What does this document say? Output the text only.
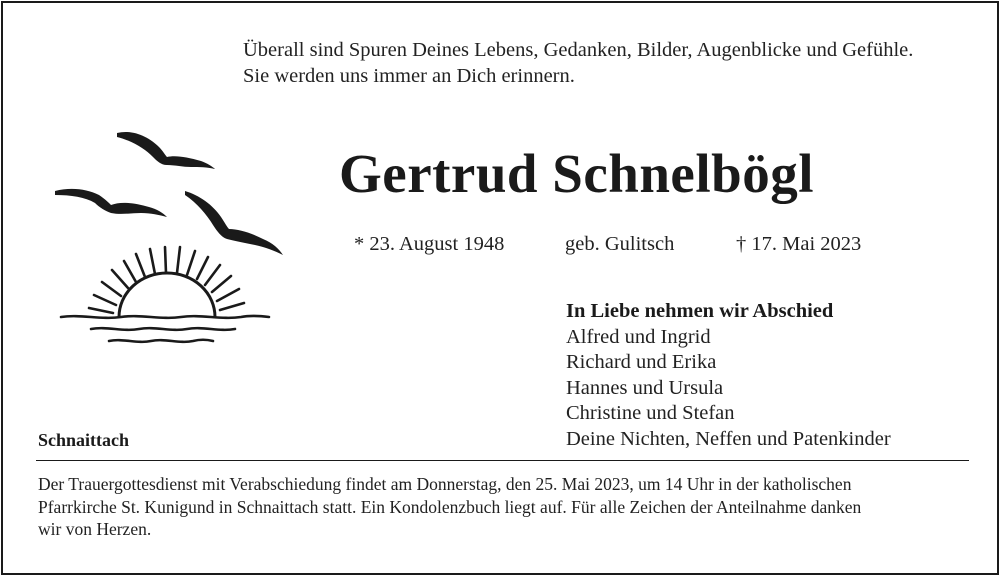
Überall sind Spuren Deines Lebens, Gedanken, Bilder, Augenblicke und Gefühle.
Sie werden uns immer an Dich erinnern.
Gertrud Schnelbögl
* 23. August 1948	geb. Gulitsch	† 17. Mai 2023
In Liebe nehmen wir Abschied
Alfred und Ingrid
Richard und Erika
Hannes und Ursula
Christine und Stefan
Deine Nichten, Neffen und Patenkinder
Schnaittach
Der Trauergottesdienst mit Verabschiedung findet am Donnerstag, den 25. Mai 2023, um 14 Uhr in der katholischen
Pfarrkirche St. Kunigund in Schnaittach statt. Ein Kondolenzbuch liegt auf. Für alle Zeichen der Anteilnahme danken
wir von Herzen.
